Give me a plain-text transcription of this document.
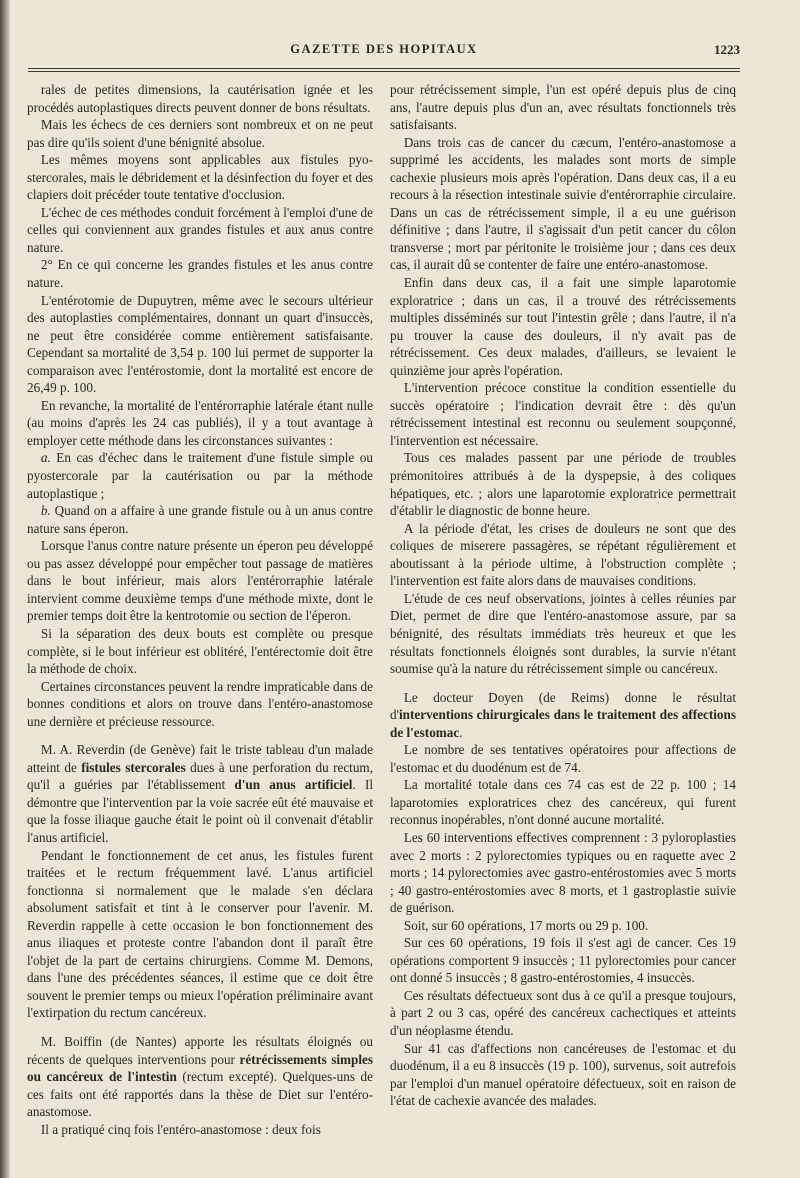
GAZETTE DES HOPITAUX	1223

rales de petites dimensions, la cautérisation ignée et les procédés autoplastiques directs peuvent donner de bons résultats.

Mais les échecs de ces derniers sont nombreux et on ne peut pas dire qu'ils soient d'une bénignité absolue.

Les mêmes moyens sont applicables aux fistules pyo-stercorales, mais le débridement et la désinfection du foyer et des clapiers doit précéder toute tentative d'occlusion.

L'échec de ces méthodes conduit forcément à l'emploi d'une de celles qui conviennent aux grandes fistules et aux anus contre nature.

2° En ce qui concerne les grandes fistules et les anus contre nature.

L'entérotomie de Dupuytren, même avec le secours ultérieur des autoplasties complémentaires, donnant un quart d'insuccès, ne peut être considérée comme entièrement satisfaisante. Cependant sa mortalité de 3,54 p. 100 lui permet de supporter la comparaison avec l'entérostomie, dont la mortalité est encore de 26,49 p. 100.

En revanche, la mortalité de l'entérorraphie latérale étant nulle (au moins d'après les 24 cas publiés), il y a tout avantage à employer cette méthode dans les circonstances suivantes :

a. En cas d'échec dans le traitement d'une fistule simple ou pyostercorale par la cautérisation ou par la méthode autoplastique ;

b. Quand on a affaire à une grande fistule ou à un anus contre nature sans éperon.

Lorsque l'anus contre nature présente un éperon peu développé ou pas assez développé pour empêcher tout passage de matières dans le bout inférieur, mais alors l'entérorraphie latérale intervient comme deuxième temps d'une méthode mixte, dont le premier temps doit être la kentrotomie ou section de l'éperon.

Si la séparation des deux bouts est complète ou presque complète, si le bout inférieur est oblitéré, l'entérectomie doit être la méthode de choix.

Certaines circonstances peuvent la rendre impraticable dans de bonnes conditions et alors on trouve dans l'entéro-anastomose une dernière et précieuse ressource.

M. A. Reverdin (de Genève) fait le triste tableau d'un malade atteint de fistules stercorales dues à une perforation du rectum, qu'il a guéries par l'établissement d'un anus artificiel. Il démontre que l'intervention par la voie sacrée eût été mauvaise et que la fosse iliaque gauche était le point où il convenait d'établir l'anus artificiel.

Pendant le fonctionnement de cet anus, les fistules furent traitées et le rectum fréquemment lavé. L'anus artificiel fonctionna si normalement que le malade s'en déclara absolument satisfait et tint à le conserver pour l'avenir. M. Reverdin rappelle à cette occasion le bon fonctionnement des anus iliaques et proteste contre l'abandon dont il paraît être l'objet de la part de certains chirurgiens. Comme M. Demons, dans l'une des précédentes séances, il estime que ce doit être souvent le premier temps ou mieux l'opération préliminaire avant l'extirpation du rectum cancéreux.

M. Boiffin (de Nantes) apporte les résultats éloignés ou récents de quelques interventions pour rétrécissements simples ou cancéreux de l'intestin (rectum excepté). Quelques-uns de ces faits ont été rapportés dans la thèse de Diet sur l'entéro-anastomose.

Il a pratiqué cinq fois l'entéro-anastomose : deux fois

pour rétrécissement simple, l'un est opéré depuis plus de cinq ans, l'autre depuis plus d'un an, avec résultats fonctionnels très satisfaisants.

Dans trois cas de cancer du cæcum, l'entéro-anastomose a supprimé les accidents, les malades sont morts de simple cachexie plusieurs mois après l'opération. Dans deux cas, il a eu recours à la résection intestinale suivie d'entérorraphie circulaire. Dans un cas de rétrécissement simple, il a eu une guérison définitive ; dans l'autre, il s'agissait d'un petit cancer du côlon transverse ; mort par péritonite le troisième jour ; dans ces deux cas, il aurait dû se contenter de faire une entéro-anastomose.

Enfin dans deux cas, il a fait une simple laparotomie exploratrice ; dans un cas, il a trouvé des rétrécissements multiples disséminés sur tout l'intestin grêle ; dans l'autre, il n'a pu trouver la cause des douleurs, il n'y avait pas de rétrécissement. Ces deux malades, d'ailleurs, se levaient le quinzième jour après l'opération.

L'intervention précoce constitue la condition essentielle du succès opératoire ; l'indication devrait être : dès qu'un rétrécissement intestinal est reconnu ou seulement soupçonné, l'intervention est nécessaire.

Tous ces malades passent par une période de troubles prémonitoires attribués à de la dyspepsie, à des coliques hépatiques, etc. ; alors une laparotomie exploratrice permettrait d'établir le diagnostic de bonne heure.

A la période d'état, les crises de douleurs ne sont que des coliques de miserere passagères, se répétant régulièrement et aboutissant à la période ultime, à l'obstruction complète ; l'intervention est faite alors dans de mauvaises conditions.

L'étude de ces neuf observations, jointes à celles réunies par Diet, permet de dire que l'entéro-anastomose assure, par sa bénignité, des résultats immédiats très heureux et que les résultats fonctionnels éloignés sont durables, la survie n'étant soumise qu'à la nature du rétrécissement simple ou cancéreux.

Le docteur Doyen (de Reims) donne le résultat d'interventions chirurgicales dans le traitement des affections de l'estomac.

Le nombre de ses tentatives opératoires pour affections de l'estomac et du duodénum est de 74.

La mortalité totale dans ces 74 cas est de 22 p. 100 ; 14 laparotomies exploratrices chez des cancéreux, qui furent reconnus inopérables, n'ont donné aucune mortalité.

Les 60 interventions effectives comprennent : 3 pyloroplasties avec 2 morts : 2 pylorectomies typiques ou en raquette avec 2 morts ; 14 pylorectomies avec gastro-entérostomies avec 5 morts ; 40 gastro-entérostomies avec 8 morts, et 1 gastroplastie suivie de guérison.

Soit, sur 60 opérations, 17 morts ou 29 p. 100.

Sur ces 60 opérations, 19 fois il s'est agi de cancer. Ces 19 opérations comportent 9 insuccès ; 11 pylorectomies pour cancer ont donné 5 insuccès ; 8 gastro-entérostomies, 4 insuccès.

Ces résultats défectueux sont dus à ce qu'il a presque toujours, à part 2 ou 3 cas, opéré des cancéreux cachectiques et atteints d'un néoplasme étendu.

Sur 41 cas d'affections non cancéreuses de l'estomac et du duodénum, il a eu 8 insuccès (19 p. 100), survenus, soit autrefois par l'emploi d'un manuel opératoire défectueux, soit en raison de l'état de cachexie avancée des malades.
